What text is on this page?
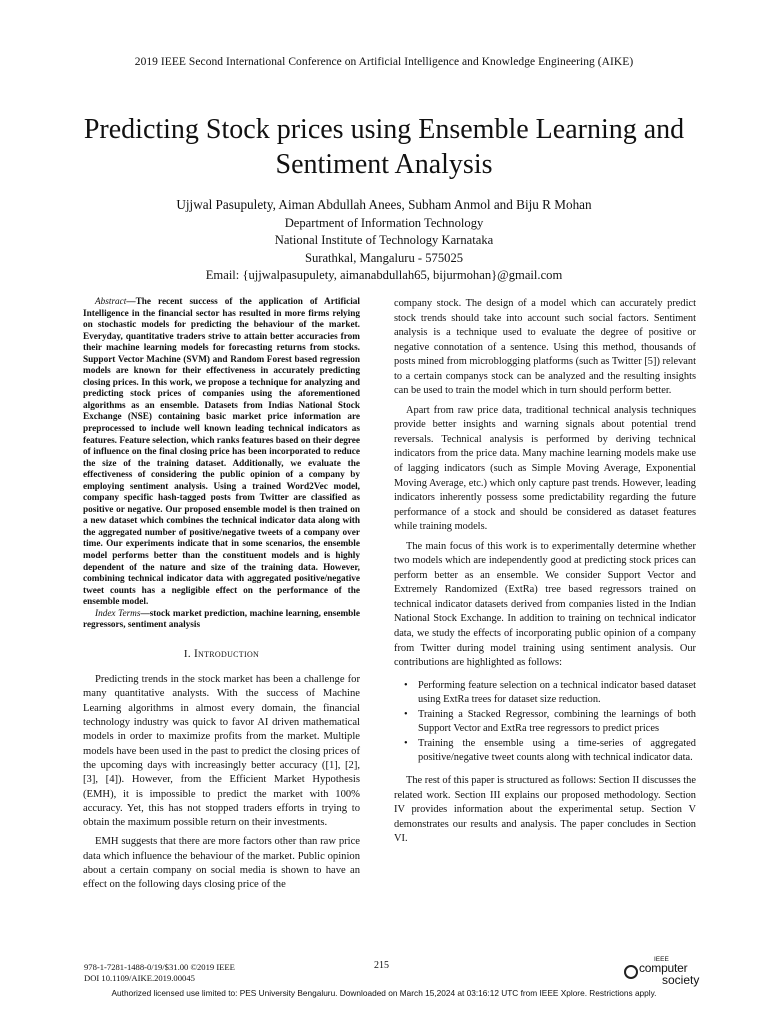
2019 IEEE Second International Conference on Artificial Intelligence and Knowledge Engineering (AIKE)
Predicting Stock prices using Ensemble Learning and Sentiment Analysis
Ujjwal Pasupulety, Aiman Abdullah Anees, Subham Anmol and Biju R Mohan
Department of Information Technology
National Institute of Technology Karnataka
Surathkal, Mangaluru - 575025
Email: {ujjwalpasupulety, aimanabdullah65, bijurmohan}@gmail.com
Abstract—The recent success of the application of Artificial Intelligence in the financial sector has resulted in more firms relying on stochastic models for predicting the behaviour of the market. Everyday, quantitative traders strive to attain better accuracies from their machine learning models for forecasting returns from stocks. Support Vector Machine (SVM) and Random Forest based regression models are known for their effectiveness in accurately predicting closing prices. In this work, we propose a technique for analyzing and predicting stock prices of companies using the aforementioned algorithms as an ensemble. Datasets from Indias National Stock Exchange (NSE) containing basic market price information are preprocessed to include well known leading technical indicators as features. Feature selection, which ranks features based on their degree of influence on the final closing price has been incorporated to reduce the size of the training dataset. Additionally, we evaluate the effectiveness of considering the public opinion of a company by employing sentiment analysis. Using a trained Word2Vec model, company specific hash-tagged posts from Twitter are classified as positive or negative. Our proposed ensemble model is then trained on a new dataset which combines the technical indicator data along with the aggregated number of positive/negative tweets of a company over time. Our experiments indicate that in some scenarios, the ensemble model performs better than the constituent models and is highly dependent of the nature and size of the training data. However, combining technical indicator data with aggregated positive/negative tweet counts has a negligible effect on the performance of the ensemble model.
Index Terms—stock market prediction, machine learning, ensemble regressors, sentiment analysis
I. Introduction

Predicting trends in the stock market has been a challenge for many quantitative analysts. With the success of Machine Learning algorithms in almost every domain, the financial technology industry was quick to favor AI driven mathematical models in order to maximize profits from the market. Multiple models have been used in the past to predict the closing prices of the upcoming days with increasingly better accuracy ([1], [2], [3], [4]). However, from the Efficient Market Hypothesis (EMH), it is impossible to predict the market with 100% accuracy. Yet, this has not stopped traders efforts in trying to obtain the maximum possible return on their investments.

EMH suggests that there are more factors other than raw price data which influence the behaviour of the market. Public opinion about a certain company on social media is shown to have an effect on the following days closing price of the

company stock. The design of a model which can accurately predict stock trends should take into account such social factors. Sentiment analysis is a technique used to evaluate the degree of positive or negative connotation of a sentence. Using this method, thousands of posts mined from microblogging platforms (such as Twitter [5]) relevant to a certain companys stock can be analyzed and the resulting insights can be used to train the model which in turn should perform better.

Apart from raw price data, traditional technical analysis techniques provide better insights and warning signals about potential trend reversals. Technical analysis is performed by deriving technical indicators from the price data. Many machine learning models make use of lagging indicators (such as Simple Moving Average, Exponential Moving Average, etc.) which only capture past trends. However, leading indicators inherently possess some predictability regarding the future performance of a stock and should be considered as dataset features while training models.

The main focus of this work is to experimentally determine whether two models which are independently good at predicting stock prices can perform better as an ensemble. We consider Support Vector and Extremely Randomized (ExtRa) tree based regressors trained on technical indicator datasets derived from companies listed in the Indian National Stock Exchange. In addition to training on technical indicator data, we study the effects of incorporating public opinion of a company from Twitter during model training using sentiment analysis. Our contributions are highlighted as follows:

• Performing feature selection on a technical indicator based dataset using ExtRa trees for dataset size reduction.
• Training a Stacked Regressor, combining the learnings of both Support Vector and ExtRa tree regressors to predict prices
• Training the ensemble using a time-series of aggregated positive/negative tweet counts along with technical indicator data.

The rest of this paper is structured as follows: Section II discusses the related work. Section III explains our proposed methodology. Section IV provides information about the experimental setup. Section V demonstrates our results and analysis. The paper concludes in Section VI.

978-1-7281-1488-0/19/$31.00 ©2019 IEEE
DOI 10.1109/AIKE.2019.00045
215
IEEE
computer
society
Authorized licensed use limited to: PES University Bengaluru. Downloaded on March 15,2024 at 03:16:12 UTC from IEEE Xplore. Restrictions apply.
